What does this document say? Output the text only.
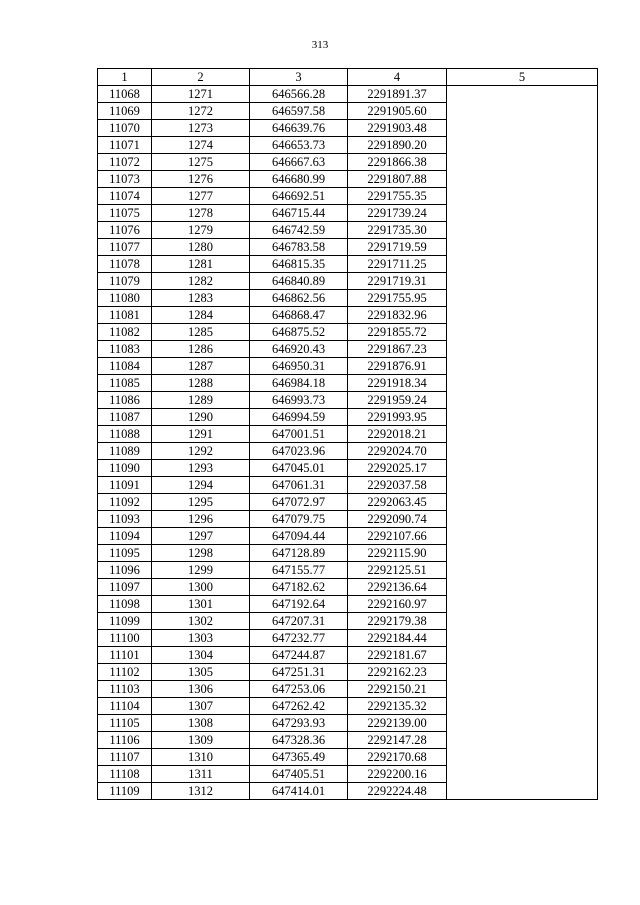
313
1	2	3	4	5
11068	1271	646566.28	2291891.37	
11069	1272	646597.58	2291905.60	
11070	1273	646639.76	2291903.48	
11071	1274	646653.73	2291890.20	
11072	1275	646667.63	2291866.38	
11073	1276	646680.99	2291807.88	
11074	1277	646692.51	2291755.35	
11075	1278	646715.44	2291739.24	
11076	1279	646742.59	2291735.30	
11077	1280	646783.58	2291719.59	
11078	1281	646815.35	2291711.25	
11079	1282	646840.89	2291719.31	
11080	1283	646862.56	2291755.95	
11081	1284	646868.47	2291832.96	
11082	1285	646875.52	2291855.72	
11083	1286	646920.43	2291867.23	
11084	1287	646950.31	2291876.91	
11085	1288	646984.18	2291918.34	
11086	1289	646993.73	2291959.24	
11087	1290	646994.59	2291993.95	
11088	1291	647001.51	2292018.21	
11089	1292	647023.96	2292024.70	
11090	1293	647045.01	2292025.17	
11091	1294	647061.31	2292037.58	
11092	1295	647072.97	2292063.45	
11093	1296	647079.75	2292090.74	
11094	1297	647094.44	2292107.66	
11095	1298	647128.89	2292115.90	
11096	1299	647155.77	2292125.51	
11097	1300	647182.62	2292136.64	
11098	1301	647192.64	2292160.97	
11099	1302	647207.31	2292179.38	
11100	1303	647232.77	2292184.44	
11101	1304	647244.87	2292181.67	
11102	1305	647251.31	2292162.23	
11103	1306	647253.06	2292150.21	
11104	1307	647262.42	2292135.32	
11105	1308	647293.93	2292139.00	
11106	1309	647328.36	2292147.28	
11107	1310	647365.49	2292170.68	
11108	1311	647405.51	2292200.16	
11109	1312	647414.01	2292224.48	
